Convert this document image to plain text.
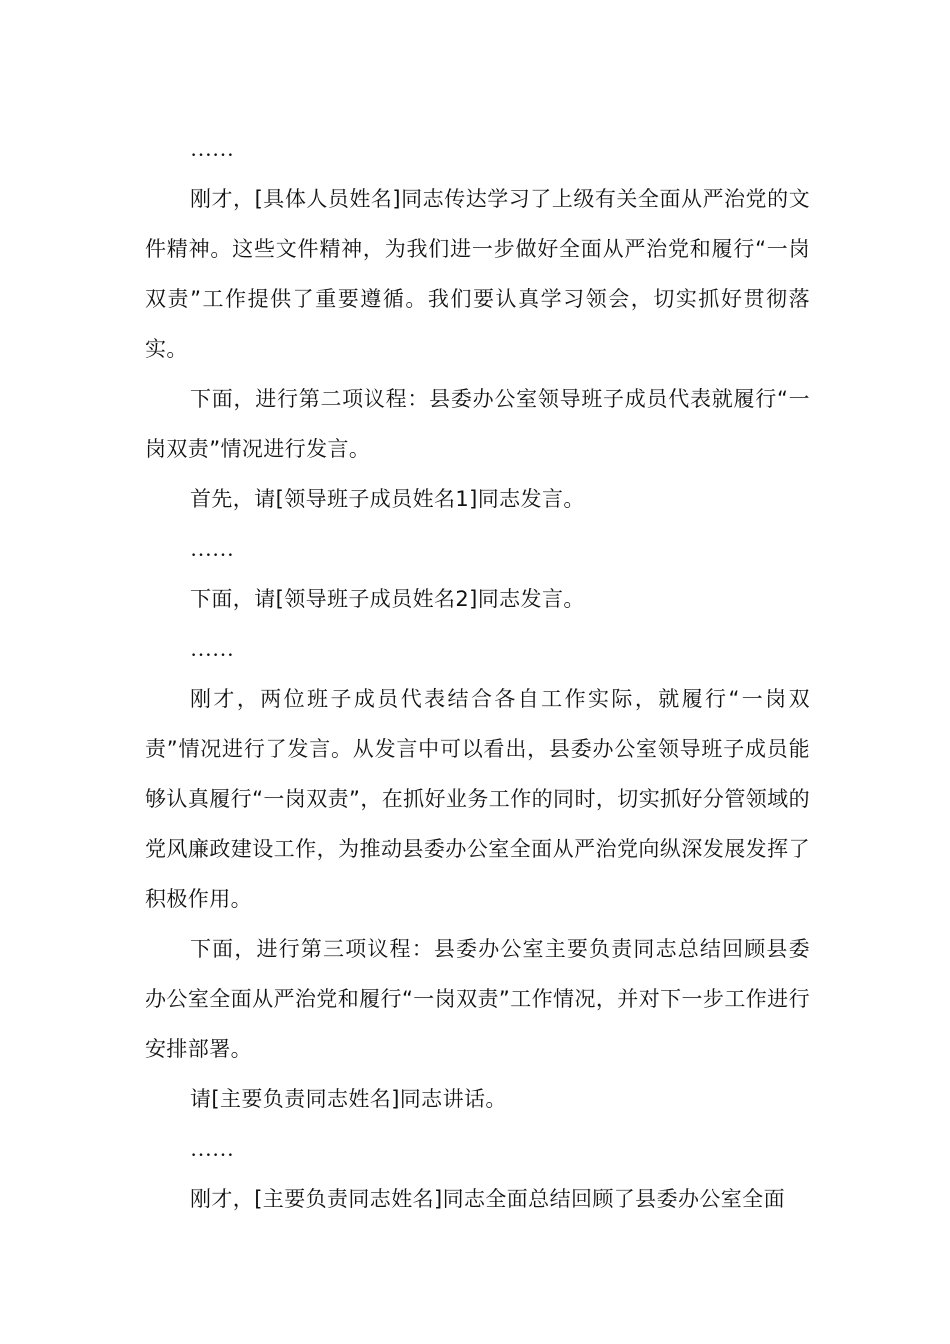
……

刚才，[具体人员姓名]同志传达学习了上级有关全面从严治党的文件精神。这些文件精神，为我们进一步做好全面从严治党和履行“一岗双责”工作提供了重要遵循。我们要认真学习领会，切实抓好贯彻落实。

下面，进行第二项议程：县委办公室领导班子成员代表就履行“一岗双责”情况进行发言。

首先，请[领导班子成员姓名1]同志发言。

……

下面，请[领导班子成员姓名2]同志发言。

……

刚才，两位班子成员代表结合各自工作实际，就履行“一岗双责”情况进行了发言。从发言中可以看出，县委办公室领导班子成员能够认真履行“一岗双责”，在抓好业务工作的同时，切实抓好分管领域的党风廉政建设工作，为推动县委办公室全面从严治党向纵深发展发挥了积极作用。

下面，进行第三项议程：县委办公室主要负责同志总结回顾县委办公室全面从严治党和履行“一岗双责”工作情况，并对下一步工作进行安排部署。

请[主要负责同志姓名]同志讲话。

……

刚才，[主要负责同志姓名]同志全面总结回顾了县委办公室全面
